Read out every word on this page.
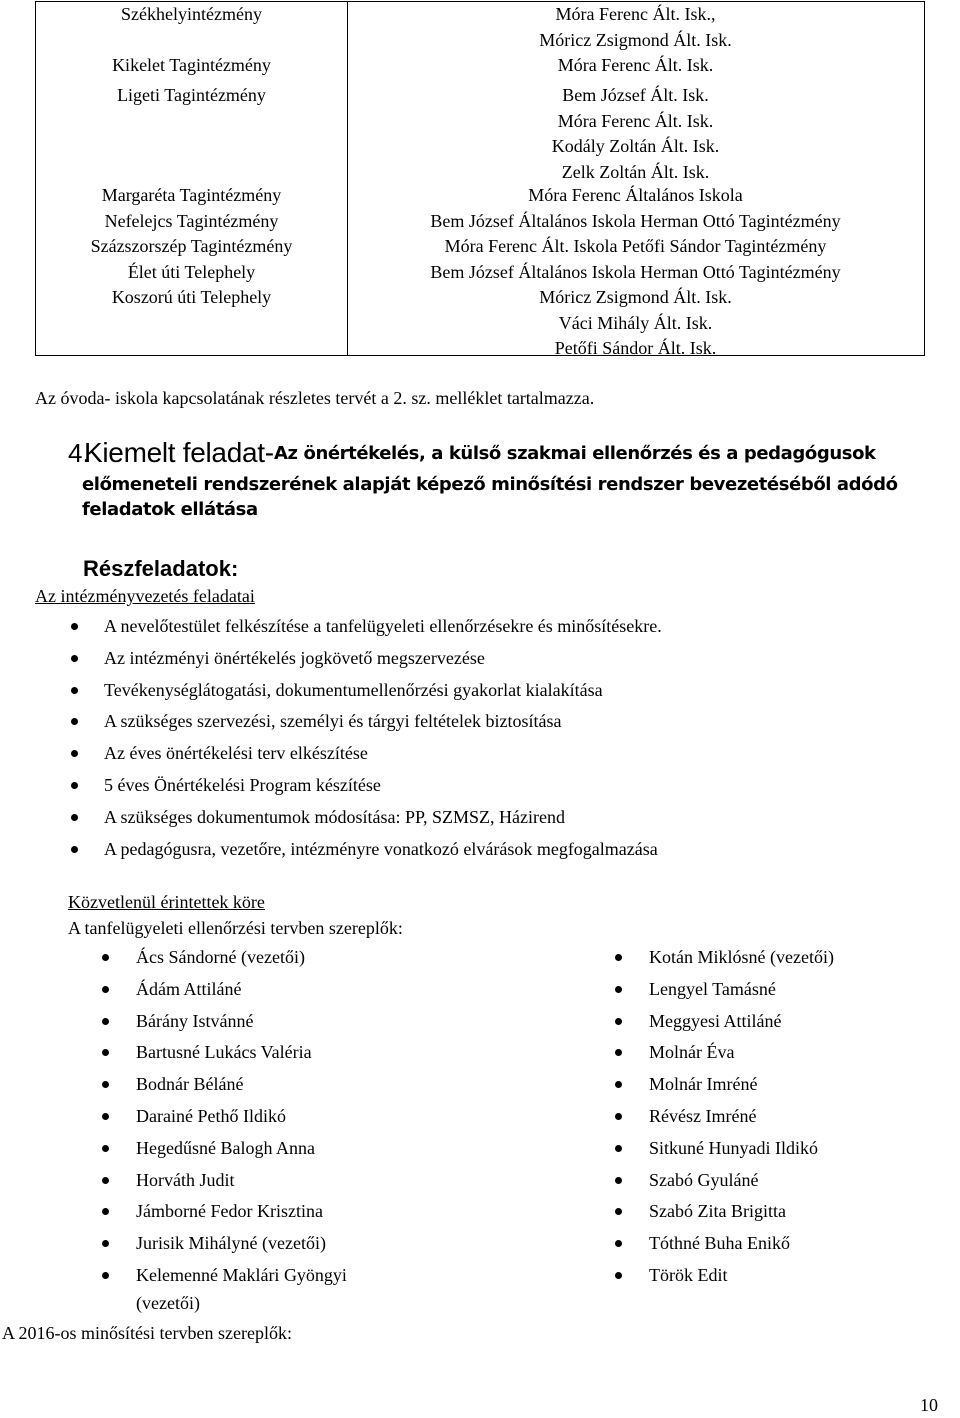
Székhelyintézmény	Móra Ferenc Ált. Isk.,
Móricz Zsigmond Ált. Isk.
Kikelet Tagintézmény	Móra Ferenc Ált. Isk.
Ligeti Tagintézmény	Bem József Ált. Isk.
Móra Ferenc Ált. Isk.
Kodály Zoltán Ált. Isk.
Zelk Zoltán Ált. Isk.
Margaréta Tagintézmény	Móra Ferenc Általános Iskola
Nefelejcs Tagintézmény	Bem József Általános Iskola Herman Ottó Tagintézmény
Százszorszép Tagintézmény	Móra Ferenc Ált. Iskola Petőfi Sándor Tagintézmény
Élet úti Telephely	Bem József Általános Iskola Herman Ottó Tagintézmény
Koszorú úti Telephely	Móricz Zsigmond Ált. Isk.
Váci Mihály Ált. Isk.
Petőfi Sándor Ált. Isk.
Az óvoda- iskola kapcsolatának részletes tervét a 2. sz. melléklet tartalmazza.
4.
Kiemelt feladat- Az önértékelés, a külső szakmai ellenőrzés és a pedagógusok
előmeneteli rendszerének alapját képező minősítési rendszer bevezetéséből adódó
feladatok ellátása
Részfeladatok:
Az intézményvezetés feladatai
A nevelőtestület felkészítése a tanfelügyeleti ellenőrzésekre és minősítésekre.
Az intézményi önértékelés jogkövető megszervezése
Tevékenységlátogatási, dokumentumellenőrzési gyakorlat kialakítása
A szükséges szervezési, személyi és tárgyi feltételek biztosítása
Az éves önértékelési terv elkészítése
5 éves Önértékelési Program készítése
A szükséges dokumentumok módosítása: PP, SZMSZ, Házirend
A pedagógusra, vezetőre, intézményre vonatkozó elvárások megfogalmazása
Közvetlenül érintettek köre
A tanfelügyeleti ellenőrzési tervben szereplők:
Ács Sándorné (vezetői)
Ádám Attiláné
Bárány Istvánné
Bartusné Lukács Valéria
Bodnár Béláné
Darainé Pethő Ildikó
Hegedűsné Balogh Anna
Horváth Judit
Jámborné Fedor Krisztina
Jurisik Mihályné (vezetői)
Kelemenné Maklári Gyöngyi
(vezetői)
Kotán Miklósné (vezetői)
Lengyel Tamásné
Meggyesi Attiláné
Molnár Éva
Molnár Imréné
Révész Imréné
Sitkuné Hunyadi Ildikó
Szabó Gyuláné
Szabó Zita Brigitta
Tóthné Buha Enikő
Török Edit
A 2016-os minősítési tervben szereplők:
10
